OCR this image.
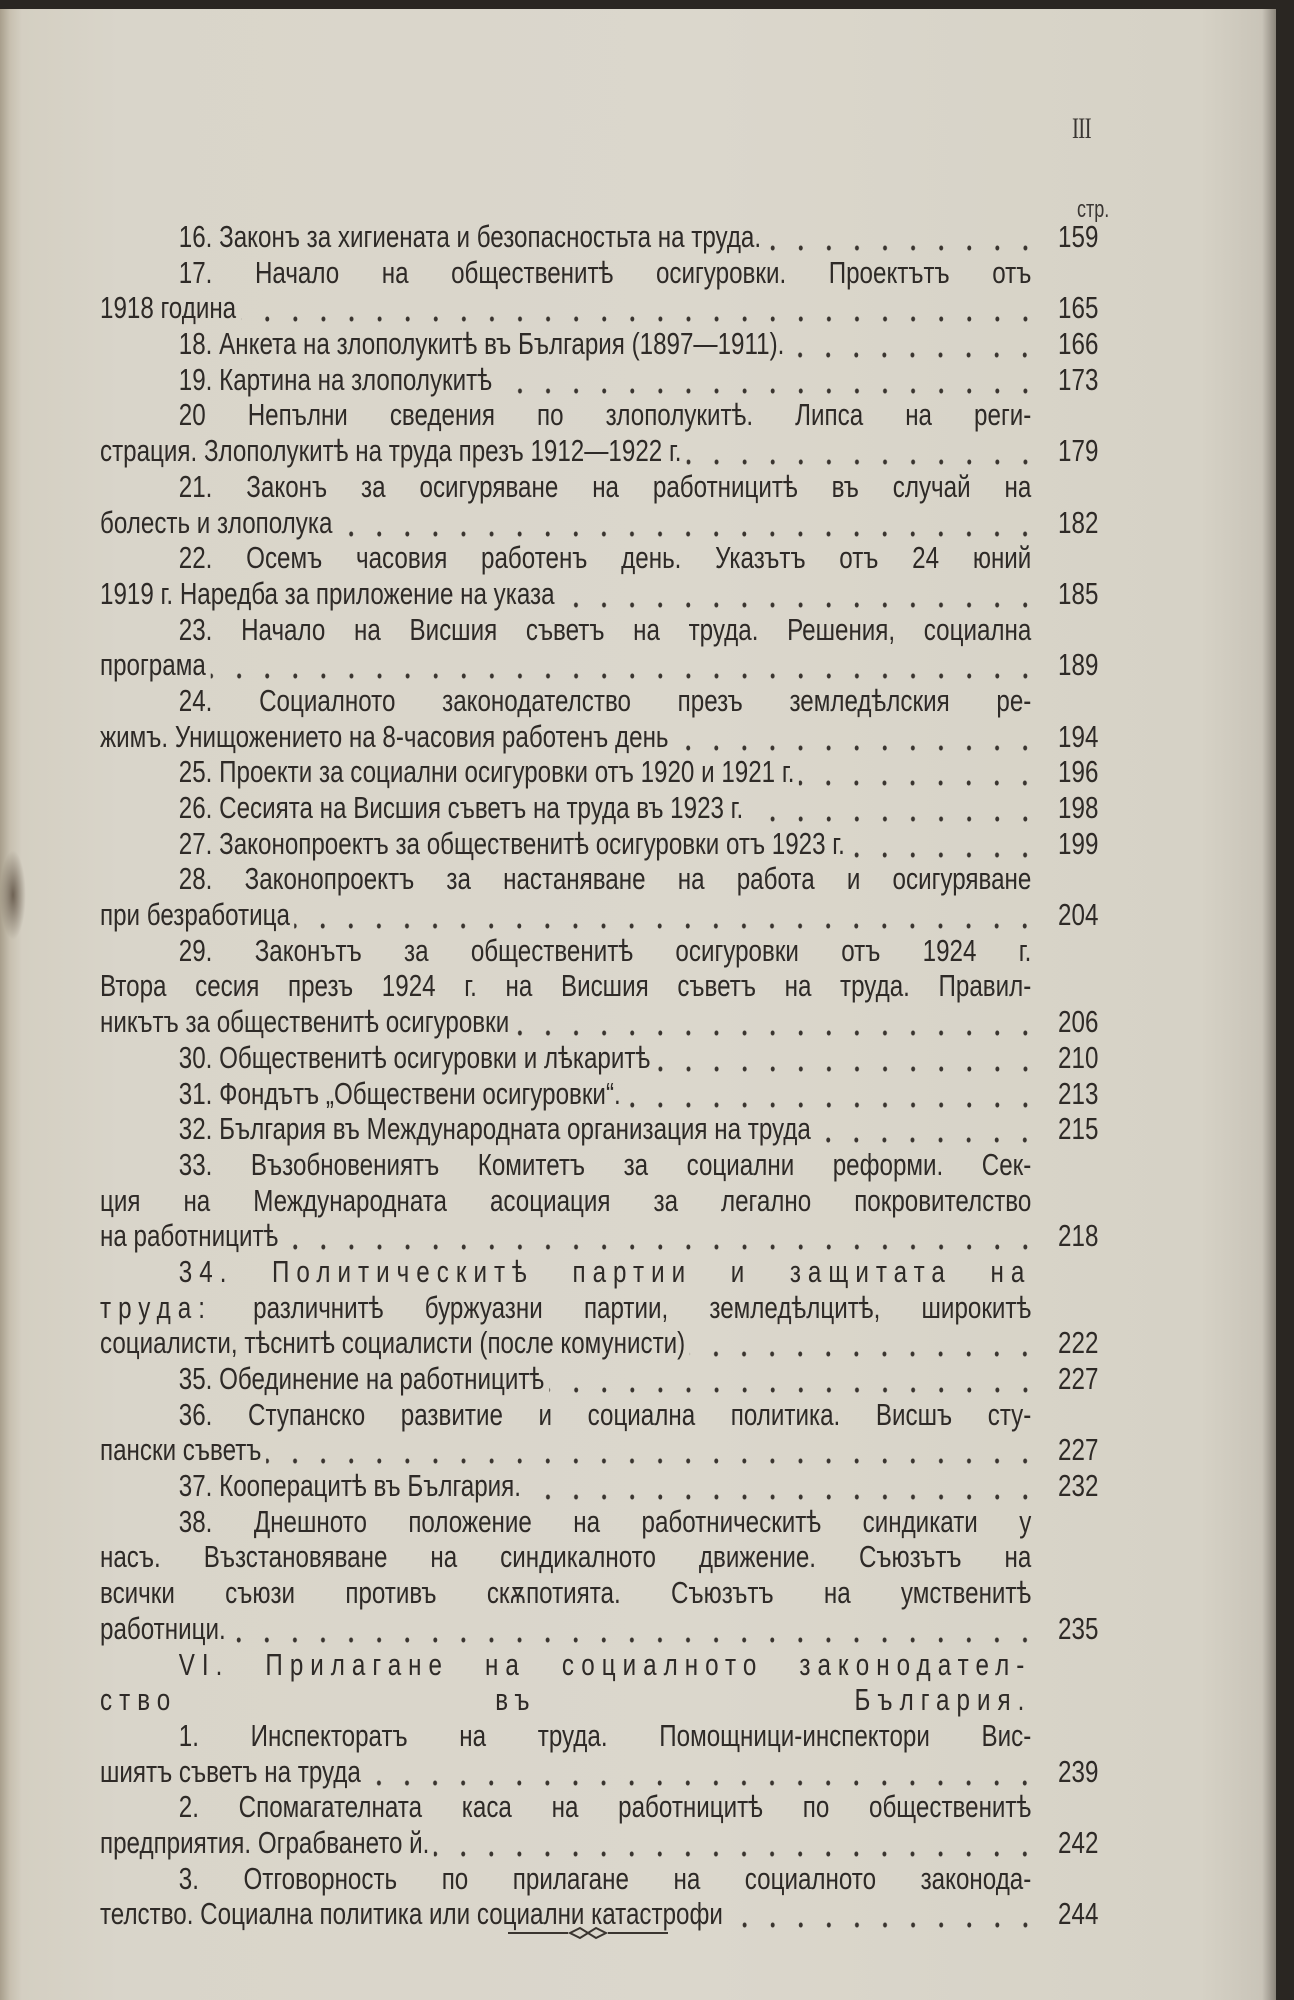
III
стр.
16. Законъ за хигиената и безопасностьта на труда.	159
17. Начало на общественитѣ осигуровки. Проектътъ отъ
1918 година	165
18. Анкета на злополукитѣ въ България (1897—1911).	166
19. Картина на злополукитѣ	173
20 Непълни сведения по злополукитѣ. Липса на реги-
страция. Злополукитѣ на труда презъ 1912—1922 г.	179
21. Законъ за осигуряване на работницитѣ въ случай на
болесть и злополука	182
22. Осемъ часовия работенъ день. Указътъ отъ 24 юний
1919 г. Наредба за приложение на указа	185
23. Начало на Висшия съветъ на труда. Решения, социална
програма	189
24. Социалното законодателство презъ земледѣлския ре-
жимъ. Унищожението на 8-часовия работенъ день	194
25. Проекти за социални осигуровки отъ 1920 и 1921 г.	196
26. Сесията на Висшия съветъ на труда въ 1923 г.	198
27. Законопроектъ за общественитѣ осигуровки отъ 1923 г.	199
28. Законопроектъ за настаняване на работа и осигуряване
при безработица	204
29. Законътъ за общественитѣ осигуровки отъ 1924 г.
Втора сесия презъ 1924 г. на Висшия съветъ на труда. Правил-
никътъ за общественитѣ осигуровки	206
30. Общественитѣ осигуровки и лѣкаритѣ	210
31. Фондътъ „Обществени осигуровки“.	213
32. България въ Международната организация на труда	215
33. Възобновениятъ Комитетъ за социални реформи. Сек-
ция на Международната асоциация за легално покровителство
на работницитѣ	218
34. Политическитѣ партии и защитата на
труда: различнитѣ буржуазни партии, земледѣлцитѣ, широкитѣ
социалисти, тѣснитѣ социалисти (после комунисти)	222
35. Обединение на работницитѣ	227
36. Ступанско развитие и социална политика. Висшъ сту-
пански съветъ	227
37. Кооперацитѣ въ България.	232
38. Днешното положение на работническитѣ синдикати у
насъ. Възстановяване на синдикалното движение. Съюзътъ на
всички съюзи противъ скѫпотията. Съюзътъ на умственитѣ
работници.	235
VI. Прилагане на социалното законодател-
ство въ България.
1. Инспекторатъ на труда. Помощници-инспектори Вис-
шиятъ съветъ на труда	239
2. Спомагателната каса на работницитѣ по общественитѣ
предприятия. Ограбването й.	242
3. Отговорность по прилагане на социалното законода-
телство. Социална политика или социални катастрофи	244
